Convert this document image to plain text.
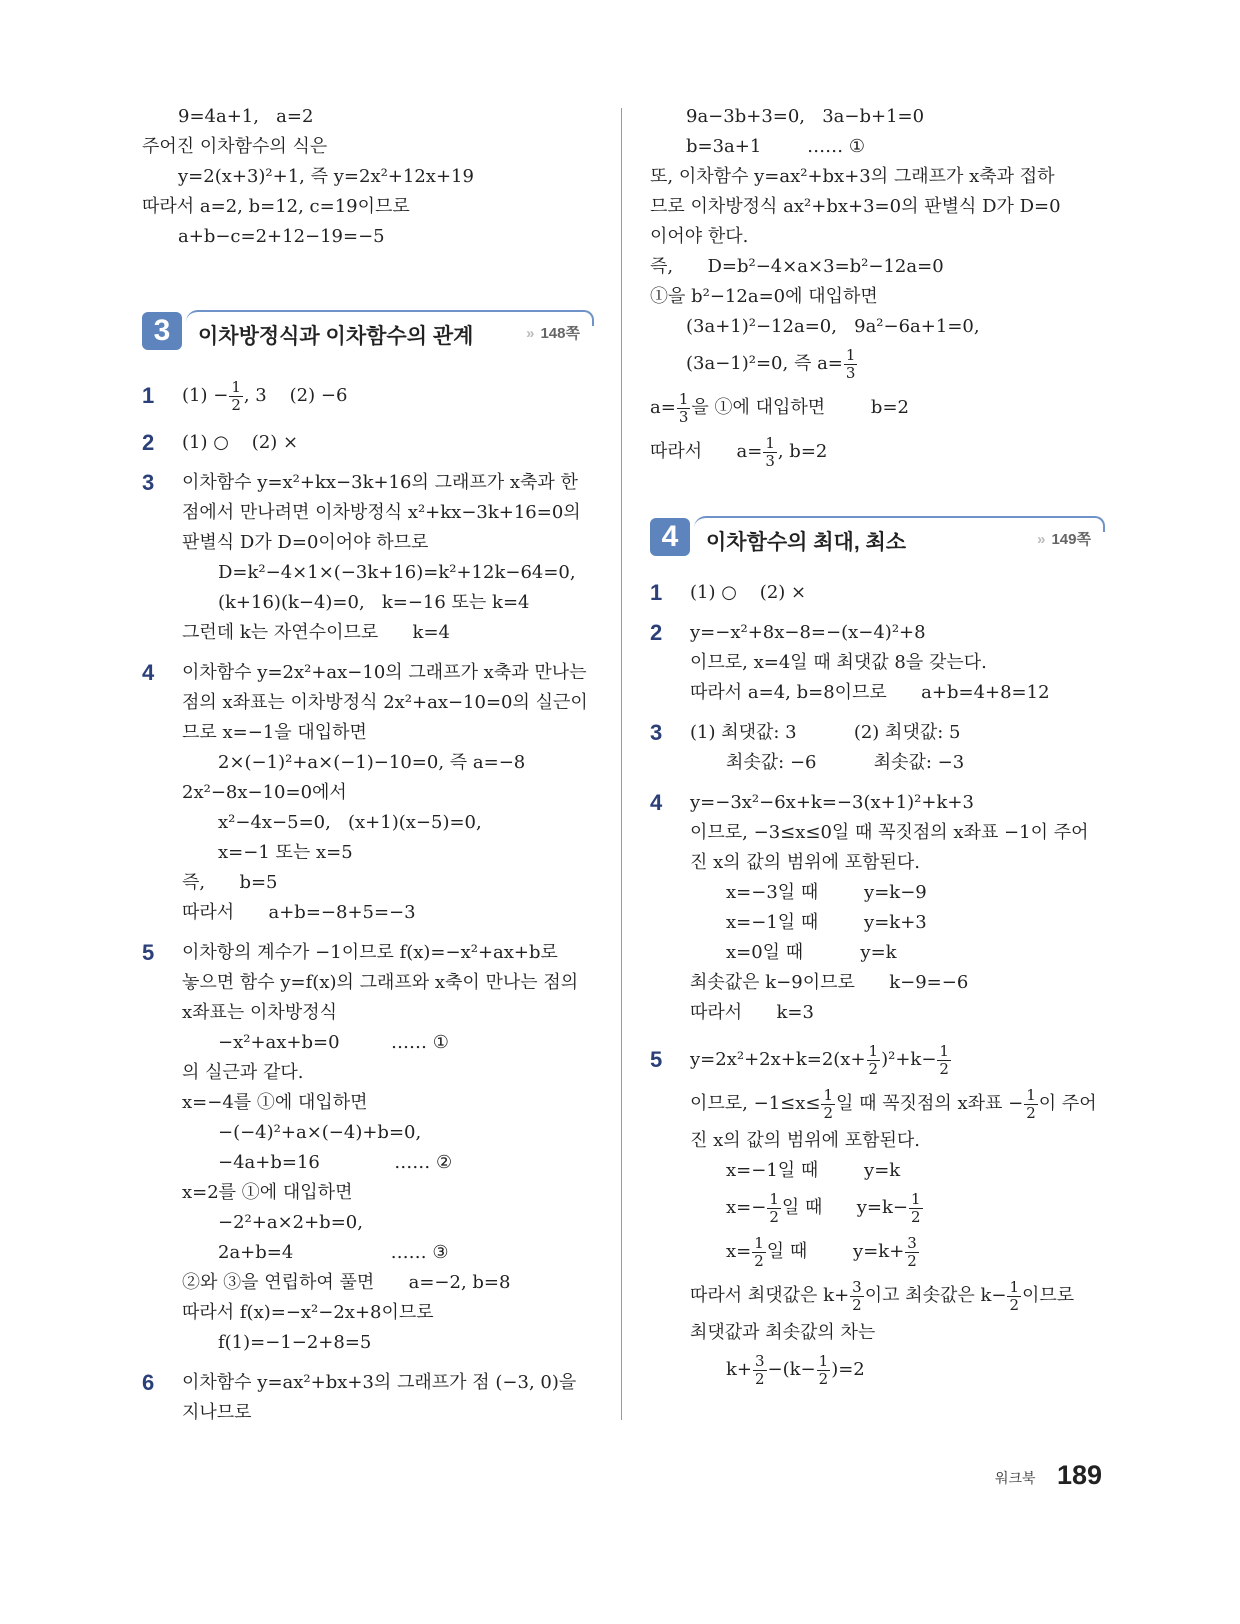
9=4a+1,   a=2
주어진 이차함수의 식은
y=2(x+3)²+1, 즉 y=2x²+12x+19
따라서 a=2, b=12, c=19이므로
a+b−c=2+12−19=−5
3	이차방정식과 이차함수의 관계	» 148쪽
1 $(1) - \frac{1}{2}$ , 3    (2) −6
2 (1) ○    (2) ×
3 이차함수 y=x²+kx−3k+16의 그래프가 x축과 한
점에서 만나려면 이차방정식 x²+kx−3k+16=0의
판별식 D가 D=0이어야 하므로
D=k²−4×1×(−3k+16)=k²+12k−64=0,
(k+16)(k−4)=0,   k=−16 또는 k=4
그런데 k는 자연수이므로      k=4
4 이차함수 y=2x²+ax−10의 그래프가 x축과 만나는
점의 x좌표는 이차방정식 2x²+ax−10=0의 실근이
므로 x=−1을 대입하면
2×(−1)²+a×(−1)−10=0, 즉 a=−8
2x²−8x−10=0에서
x²−4x−5=0,   (x+1)(x−5)=0,
x=−1 또는 x=5
즉,      b=5
따라서      a+b=−8+5=−3
5 이차항의 계수가 −1이므로 f(x)=−x²+ax+b로
놓으면 함수 y=f(x)의 그래프와 x축이 만나는 점의
x좌표는 이차방정식
−x²+ax+b=0         …… ①
의 실근과 같다.
x=−4를 ①에 대입하면
−(−4)²+a×(−4)+b=0,
−4a+b=16             …… ②
x=2를 ①에 대입하면
−2²+a×2+b=0,
2a+b=4                 …… ③
②와 ③을 연립하여 풀면      a=−2, b=8
따라서 f(x)=−x²−2x+8이므로
f(1)=−1−2+8=5
6 이차함수 y=ax²+bx+3의 그래프가 점 (−3, 0)을
지나므로
9a−3b+3=0,   3a−b+1=0
b=3a+1        …… ①
또, 이차함수 y=ax²+bx+3의 그래프가 x축과 접하
므로 이차방정식 ax²+bx+3=0의 판별식 D가 D=0
이어야 한다.
즉,      D=b²−4×a×3=b²−12a=0
①을 b²−12a=0에 대입하면
(3a+1)²−12a=0,   9a²−6a+1=0,
(3a−1)²=0, 즉 $a= \frac{1}{3}$
$a= \frac{1}{3}$ 을 ①에 대입하면        b=2
따라서      $a= \frac{1}{3}$ , b=2
4	이차함수의 최대, 최소	» 149쪽
1 (1) ○    (2) ×
2 y=−x²+8x−8=−(x−4)²+8
이므로, x=4일 때 최댓값 8을 갖는다.
따라서 a=4, b=8이므로      a+b=4+8=12
3 (1) 최댓값: 3          (2) 최댓값: 5
최솟값: −6          최솟값: −3
4 y=−3x²−6x+k=−3(x+1)²+k+3
이므로, −3≤x≤0일 때 꼭짓점의 x좌표 −1이 주어
진 x의 값의 범위에 포함된다.
x=−3일 때        y=k−9
x=−1일 때        y=k+3
x=0일 때          y=k
최솟값은 k−9이므로      k−9=−6
따라서      k=3
5 $y=2x^2+2x+k=2(x+ \frac{1}{2} )^2+k- \frac{1}{2}$
이므로, $-1\le x\le \frac{1}{2}$ 일 때 꼭짓점의 x좌표 − $\frac{1}{2}$ 이 주어
진 x의 값의 범위에 포함된다.
x=−1일 때        y=k
$x=- \frac{1}{2}$ 일 때      $y=k- \frac{1}{2}$
$x= \frac{1}{2}$ 일 때        $y=k+ \frac{3}{2}$
따라서 최댓값은 $k+ \frac{3}{2}$ 이고 최솟값은 $k- \frac{1}{2}$ 이므로
최댓값과 최솟값의 차는
$k+ \frac{3}{2} -(k- \frac{1}{2} )=2$
워크북 189
